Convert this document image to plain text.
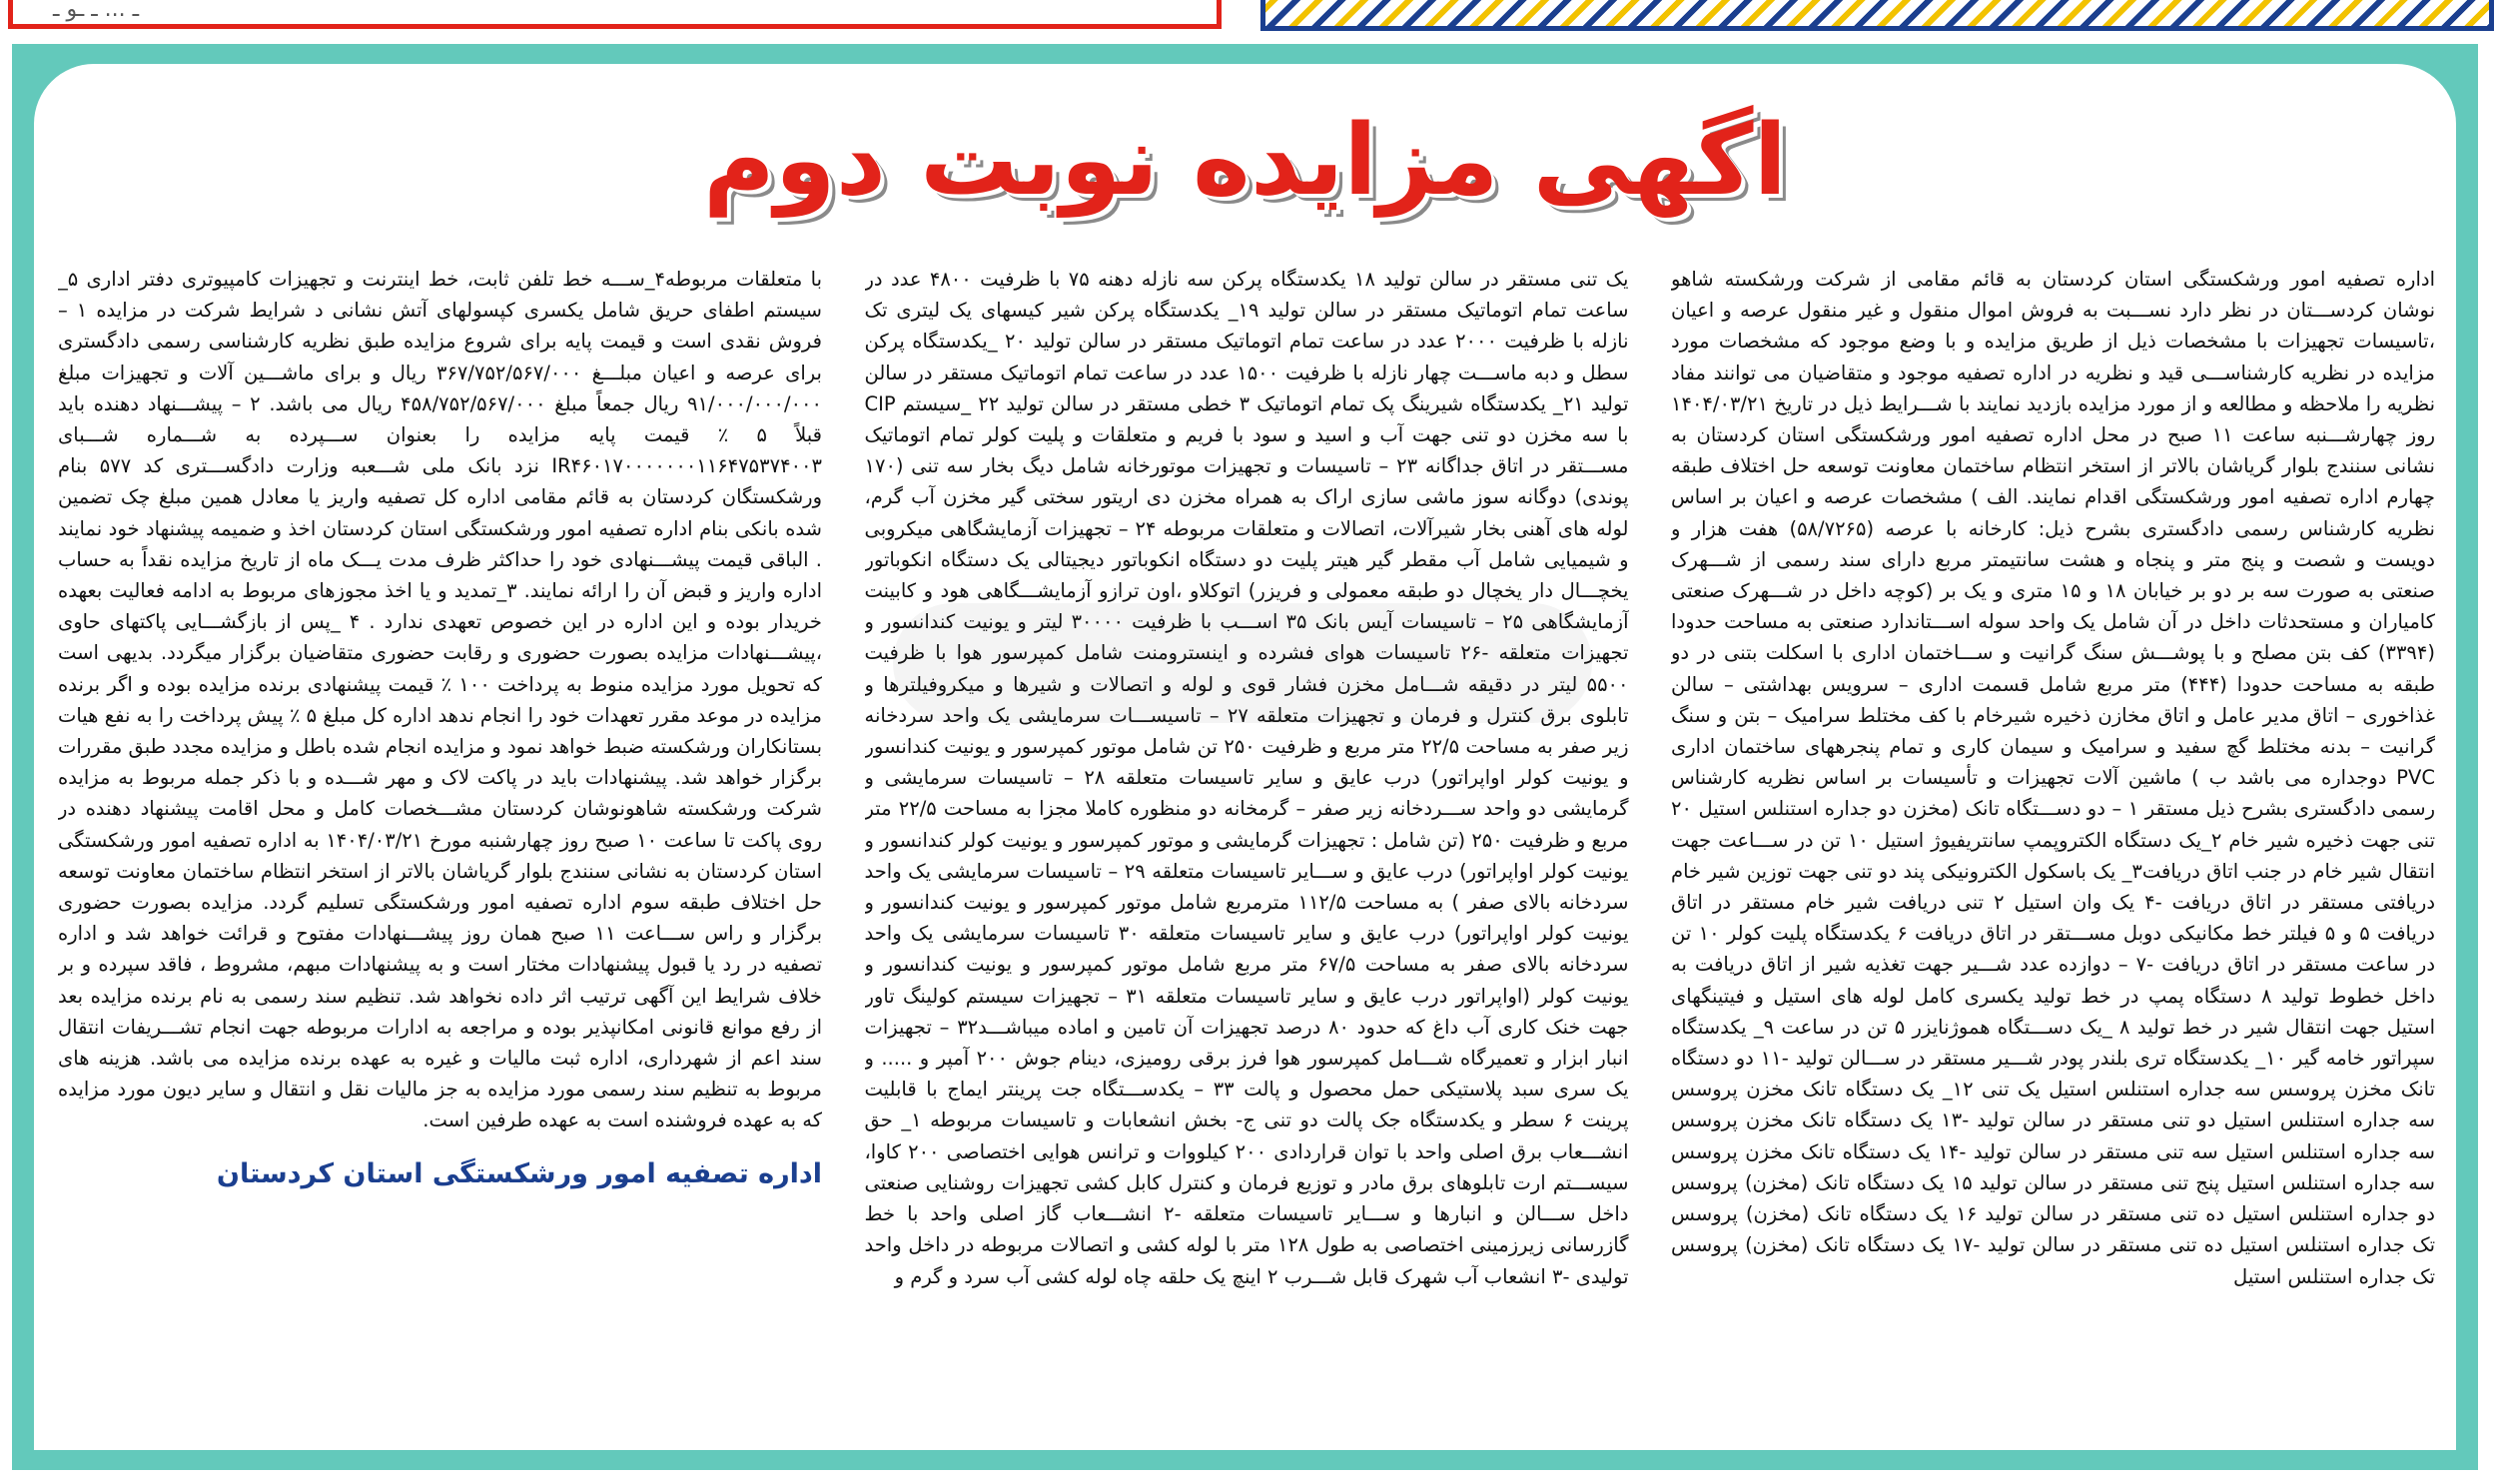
ـ ... ـ ـو ـ
اگهی مزایده نوبت دوم

اداره تصفیه امور ورشکستگی استان کردستان به قائم مقامی از شرکت ورشکسته شاهو نوشان کردســـتان در نظر دارد نســـبت به فروش اموال منقول و غیر منقول عرصه و اعیان ،تاسیسات تجهیزات با مشخصات ذیل از طریق مزایده و با وضع موجود که مشخصات مورد مزایده در نظریه کارشناســـی قید و نظریه در اداره تصفیه موجود و متقاضیان می توانند مفاد نظریه را ملاحظه و مطالعه و از مورد مزایده بازدید نمایند با شـــرایط ذیل در تاریخ ۱۴۰۴/۰۳/۲۱ روز چهارشـــنبه ساعت ۱۱ صبح در محل اداره تصفیه امور ورشکستگی استان کردستان به نشانی سنندج بلوار گریاشان بالاتر از استخر انتظام ساختمان معاونت توسعه حل اختلاف طبقه چهارم اداره تصفیه امور ورشکستگی اقدام نمایند. الف ) مشخصات عرصه و اعیان بر اساس نظریه کارشناس رسمی دادگستری بشرح ذیل: کارخانه با عرصه (۵۸/۷۲۶۵) هفت هزار و دویست و شصت و پنج متر و پنجاه و هشت سانتیمتر مربع دارای سند رسمی از شـــهرک صنعتی به صورت سه بر دو بر خیابان ۱۸ و ۱۵ متری و یک بر (کوچه داخل در شـــهرک صنعتی کامیاران و مستحدثات داخل در آن شامل یک واحد سوله اســـتاندارد صنعتی به مساحت حدودا (۳۳۹۴) کف بتن مصلح و با پوشـــش سنگ گرانیت و ســـاختمان اداری با اسکلت بتنی در دو طبقه به مساحت حدودا (۴۴۴) متر مربع شامل قسمت اداری – سرویس بهداشتی – سالن غذاخوری – اتاق مدیر عامل و اتاق مخازن ذخیره شیرخام با کف مختلط سرامیک – بتن و سنگ گرانیت – بدنه مختلط گچ سفید و سرامیک و سیمان کاری و تمام پنجرههای ساختمان اداری PVC دوجداره می باشد ب ) ماشین آلات تجهیزات و تأسیسات بر اساس نظریه کارشناس رسمی دادگستری بشرح ذیل مستقر ۱ – دو دســـتگاه تانک (مخزن دو جداره استنلس استیل ۲۰ تنی جهت ذخیره شیر خام ۲_یک دستگاه الکتروپمپ سانتریفیوژ استیل ۱۰ تن در ســـاعت جهت انتقال شیر خام در جنب اتاق دریافت۳_ یک باسکول الکترونیکی پند دو تنی جهت توزین شیر خام دریافتی مستقر در اتاق دریافت -۴ یک وان استیل ۲ تنی دریافت شیر خام مستقر در اتاق دریافت ۵ و ۵ فیلتر خط مکانیکی دوبل مســـتقر در اتاق دریافت ۶ یکدستگاه پلیت کولر ۱۰ تن در ساعت مستقر در اتاق دریافت -۷ – دوازده عدد شـــیر جهت تغذیه شیر از اتاق دریافت به داخل خطوط تولید ۸ دستگاه پمپ در خط تولید یکسری کامل لوله های استیل و فیتینگهای استیل جهت انتقال شیر در خط تولید ۸ _یک دســـتگاه هموژنایزر ۵ تن در ساعت ۹_ یکدستگاه سپراتور خامه گیر ۱۰_ یکدستگاه تری بلندر پودر شـــیر مستقر در ســـالن تولید -۱۱ دو دستگاه تانک مخزن پروسس سه جداره استنلس استیل یک تنی ۱۲_ یک دستگاه تانک مخزن پروسس سه جداره استنلس استیل دو تنی مستقر در سالن تولید -۱۳ یک دستگاه تانک مخزن پروسس سه جداره استنلس استیل سه تنی مستقر در سالن تولید -۱۴ یک دستگاه تانک مخزن پروسس سه جداره استنلس استیل پنج تنی مستقر در سالن تولید ۱۵ یک دستگاه تانک (مخزن) پروسس دو جداره استنلس استیل ده تنی مستقر در سالن تولید ۱۶ یک دستگاه تانک (مخزن) پروسس تک جداره استنلس استیل ده تنی مستقر در سالن تولید -۱۷ یک دستگاه تانک (مخزن) پروسس تک جداره استنلس استیل

یک تنی مستقر در سالن تولید ۱۸ یکدستگاه پرکن سه نازله دهنه ۷۵ با ظرفیت ۴۸۰۰ عدد در ساعت تمام اتوماتیک مستقر در سالن تولید ۱۹_ یکدستگاه پرکن شیر کیسهای یک لیتری تک نازله با ظرفیت ۲۰۰۰ عدد در ساعت تمام اتوماتیک مستقر در سالن تولید ۲۰ _یکدستگاه پرکن سطل و دبه ماســـت چهار نازله با ظرفیت ۱۵۰۰ عدد در ساعت تمام اتوماتیک مستقر در سالن تولید ۲۱_ یکدستگاه شیرینگ پک تمام اتوماتیک ۳ خطی مستقر در سالن تولید ۲۲ _سیستم CIP با سه مخزن دو تنی جهت آب و اسید و سود با فریم و متعلقات و پلیت کولر تمام اتوماتیک مســـتقر در اتاق جداگانه ۲۳ – تاسیسات و تجهیزات موتورخانه شامل دیگ بخار سه تنی (۱۷۰ پوندی) دوگانه سوز ماشی سازی اراک به همراه مخزن دی اریتور سختی گیر مخزن آب گرم، لوله های آهنی بخار شیرآلات، اتصالات و متعلقات مربوطه ۲۴ – تجهیزات آزمایشگاهی میکروبی و شیمیایی شامل آب مقطر گیر هیتر پلیت دو دستگاه انکوباتور دیجیتالی یک دستگاه انکوباتور یخچـــال دار یخچال دو طبقه معمولی و فریزر) اتوکلاو ،اون ترازو آزمایشـــگاهی هود و کابینت آزمایشگاهی ۲۵ – تاسیسات آیس بانک ۳۵ اســـب با ظرفیت ۳۰۰۰۰ لیتر و یونیت کندانسور و تجهیزات متعلقه -۲۶ تاسیسات هوای فشرده و اینسترومنت شامل کمپرسور هوا با ظرفیت ۵۵۰۰ لیتر در دقیقه شـــامل مخزن فشار قوی و لوله و اتصالات و شیرها و میکروفیلترها و تابلوی برق کنترل و فرمان و تجهیزات متعلقه ۲۷ – تاسیســـات سرمایشی یک واحد سردخانه زیر صفر به مساحت ۲۲/۵ متر مربع و ظرفیت ۲۵۰ تن شامل موتور کمپرسور و یونیت کندانسور و یونیت کولر اواپراتور) درب عایق و سایر تاسیسات متعلقه ۲۸ – تاسیسات سرمایشی و گرمایشی دو واحد ســـردخانه زیر صفر – گرمخانه دو منظوره کاملا مجزا به مساحت ۲۲/۵ متر مربع و ظرفیت ۲۵۰ (تن شامل : تجهیزات گرمایشی و موتور کمپرسور و یونیت کولر کندانسور و یونیت کولر اواپراتور) درب عایق و ســـایر تاسیسات متعلقه ۲۹ – تاسیسات سرمایشی یک واحد سردخانه بالای صفر ) به مساحت ۱۱۲/۵ مترمربع شامل موتور کمپرسور و یونیت کندانسور و یونیت کولر اواپراتور) درب عایق و سایر تاسیسات متعلقه ۳۰ تاسیسات سرمایشی یک واحد سردخانه بالای صفر به مساحت ۶۷/۵ متر مربع شامل موتور کمپرسور و یونیت کندانسور و یونیت کولر (اواپراتور درب عایق و سایر تاسیسات متعلقه ۳۱ – تجهیزات سیستم کولینگ تاور جهت خنک کاری آب داغ که حدود ۸۰ درصد تجهیزات آن تامین و اماده میباشـــد۳۲ – تجهیزات انبار ابزار و تعمیرگاه شـــامل کمپرسور هوا فرز برقی رومیزی، دینام جوش ۲۰۰ آمپر و ..... و یک سری سبد پلاستیکی حمل محصول و پالت ۳۳ – یکدســـتگاه جت پرینتر ایماج با قابلیت پرینت ۶ سطر و یکدستگاه جک پالت دو تنی ج- بخش انشعابات و تاسیسات مربوطه ۱_ حق انشـــعاب برق اصلی واحد با توان قراردادی ۲۰۰ کیلووات و ترانس هوایی اختصاصی ۲۰۰ کاوا، سیســـتم ارت تابلوهای برق مادر و توزیع فرمان و کنترل کابل کشی تجهیزات روشنایی صنعتی داخل ســـالن و انبارها و ســـایر تاسیسات متعلقه -۲ انشـــعاب گاز اصلی واحد با خط گازرسانی زیرزمینی اختصاصی به طول ۱۲۸ متر با لوله کشی و اتصالات مربوطه در داخل واحد تولیدی -۳ انشعاب آب شهرک قابل شـــرب ۲ اینچ یک حلقه چاه لوله کشی آب سرد و گرم و

با متعلقات مربوطه۴_ســـه خط تلفن ثابت، خط اینترنت و تجهیزات کامپیوتری دفتر اداری ۵_ سیستم اطفای حریق شامل یکسری کپسولهای آتش نشانی د شرایط شرکت در مزایده ۱ – فروش نقدی است و قیمت پایه برای شروع مزایده طبق نظریه کارشناسی رسمی دادگستری برای عرصه و اعیان مبلـــغ ۳۶۷/۷۵۲/۵۶۷/۰۰۰ ریال و برای ماشـــین آلات و تجهیزات مبلغ ۹۱/۰۰۰/۰۰۰/۰۰۰ ریال جمعاً مبلغ ۴۵۸/۷۵۲/۵۶۷/۰۰۰ ریال می باشد. ۲ – پیشـــنهاد دهنده باید قبلاً ۵ ٪ قیمت پایه مزایده را بعنوان ســـپرده به شـــماره شـــبای IR۴۶۰۱۷۰۰۰۰۰۰۰۱۱۶۴۷۵۳۷۴۰۰۳ نزد بانک ملی شـــعبه وزارت دادگســـتری کد ۵۷۷ بنام ورشکستگان کردستان به قائم مقامی اداره کل تصفیه واریز یا معادل همین مبلغ چک تضمین شده بانکی بنام اداره تصفیه امور ورشکستگی استان کردستان اخذ و ضمیمه پیشنهاد خود نمایند . الباقی قیمت پیشـــنهادی خود را حداکثر ظرف مدت یـــک ماه از تاریخ مزایده نقداً به حساب اداره واریز و قبض آن را ارائه نمایند. ۳_تمدید و یا اخذ مجوزهای مربوط به ادامه فعالیت بعهده خریدار بوده و این اداره در این خصوص تعهدی ندارد . ۴ _پس از بازگشـــایی پاکتهای حاوی ،پیشـــنهادات مزایده بصورت حضوری و رقابت حضوری متقاضیان برگزار میگردد. بدیهی است که تحویل مورد مزایده منوط به پرداخت ۱۰۰ ٪ قیمت پیشنهادی برنده مزایده بوده و اگر برنده مزایده در موعد مقرر تعهدات خود را انجام ندهد اداره کل مبلغ ۵ ٪ پیش پرداخت را به نفع هیات بستانکاران ورشکسته ضبط خواهد نمود و مزایده انجام شده باطل و مزایده مجدد طبق مقررات برگزار خواهد شد. پیشنهادات باید در پاکت لاک و مهر شـــده و با ذکر جمله مربوط به مزایده شرکت ورشکسته شاهونوشان کردستان مشـــخصات کامل و محل اقامت پیشنهاد دهنده در روی پاکت تا ساعت ۱۰ صبح روز چهارشنبه مورخ ۱۴۰۴/۰۳/۲۱ به اداره تصفیه امور ورشکستگی استان کردستان به نشانی سنندج بلوار گریاشان بالاتر از استخر انتظام ساختمان معاونت توسعه حل اختلاف طبقه سوم اداره تصفیه امور ورشکستگی تسلیم گردد. مزایده بصورت حضوری برگزار و راس ســـاعت ۱۱ صبح همان روز پیشـــنهادات مفتوح و قرائت خواهد شد و اداره تصفیه در رد یا قبول پیشنهادات مختار است و به پیشنهادات مبهم، مشروط ، فاقد سپرده و بر خلاف شرایط این آگهی ترتیب اثر داده نخواهد شد. تنظیم سند رسمی به نام برنده مزایده بعد از رفع موانع قانونی امکانپذیر بوده و مراجعه به ادارات مربوطه جهت انجام تشـــریفات انتقال سند اعم از شهرداری، اداره ثبت مالیات و غیره به عهده برنده مزایده می باشد. هزینه های مربوط به تنظیم سند رسمی مورد مزایده به جز مالیات نقل و انتقال و سایر دیون مورد مزایده که به عهده فروشنده است به عهده طرفین است.

اداره تصفیه امور ورشکستگی استان کردستان
